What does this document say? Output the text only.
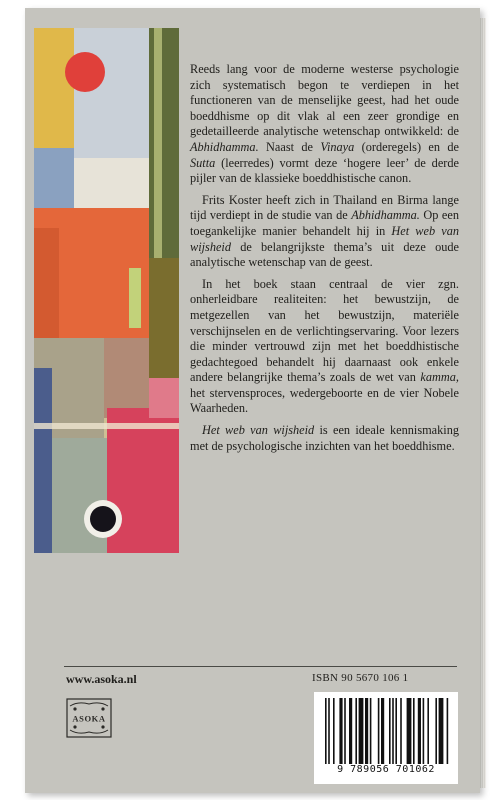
Reeds lang voor de moderne westerse psychologie zich systematisch begon te verdiepen in het functioneren van de menselijke geest, had het oude boeddhisme op dit vlak al een zeer grondige en gedetailleerde analytische wetenschap ontwikkeld: de Abhidhamma. Naast de Vinaya (orderegels) en de Sutta (leerredes) vormt deze ‘hogere leer’ de derde pijler van de klassieke boeddhistische canon.

Frits Koster heeft zich in Thailand en Birma lange tijd verdiept in de studie van de Abhidhamma. Op een toegankelijke manier behandelt hij in Het web van wijsheid de belangrijkste thema’s uit deze oude analytische wetenschap van de geest.

In het boek staan centraal de vier zgn. onherleidbare realiteiten: het bewustzijn, de metgezellen van het bewustzijn, materiële verschijnselen en de verlichtingservaring. Voor lezers die minder vertrouwd zijn met het boeddhistische gedachtegoed behandelt hij daarnaast ook enkele andere belangrijke thema’s zoals de wet van kamma, het stervensproces, wedergeboorte en de vier Nobele Waarheden.

Het web van wijsheid is een ideale kennismaking met de psychologische inzichten van het boeddhisme.

www.asoka.nl	ISBN 90 5670 106 1
ASOKA
9 789056 701062
